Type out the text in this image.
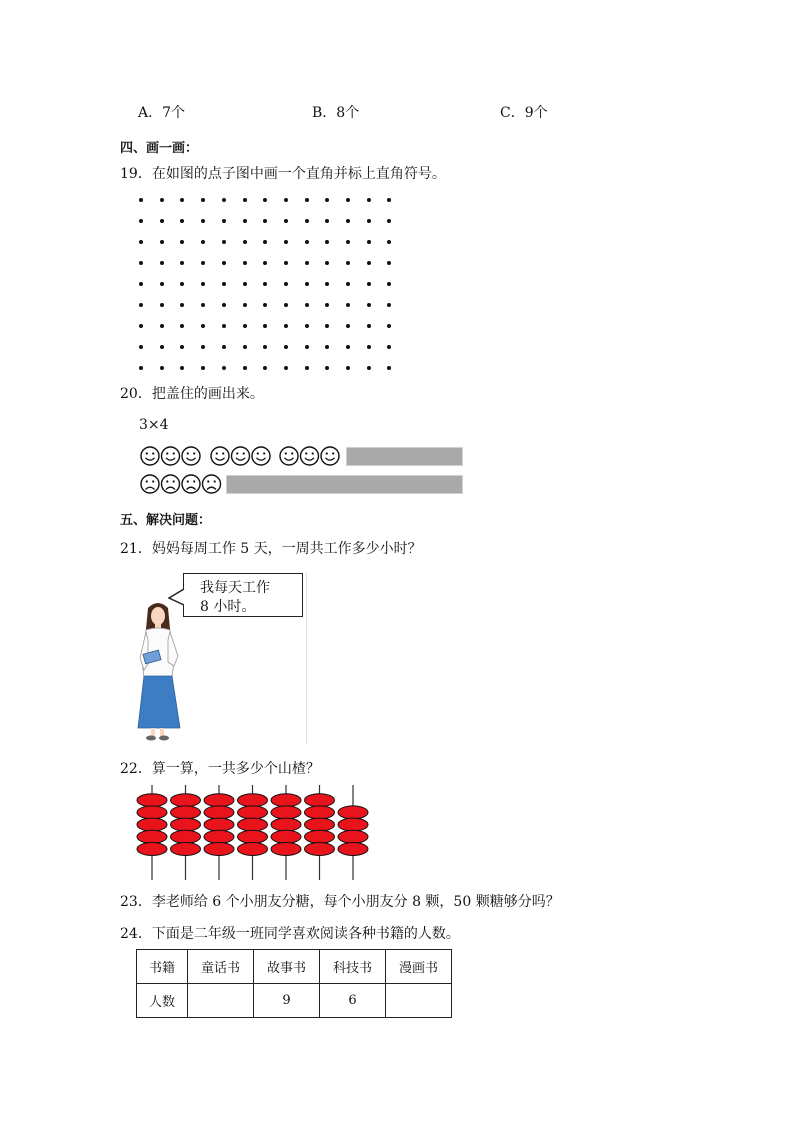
A．7个	B．8个	C．9个
四、画一画：
19．在如图的点子图中画一个直角并标上直角符号。
20．把盖住的画出来。
3×4
五、解决问题：
21．妈妈每周工作 5 天，一周共工作多少小时？
我每天工作
8 小时。
22．算一算，一共多少个山楂？
23．李老师给 6 个小朋友分糖，每个小朋友分 8 颗，50 颗糖够分吗？
24．下面是二年级一班同学喜欢阅读各种书籍的人数。
书籍	童话书	故事书	科技书	漫画书
人数		9	6	
